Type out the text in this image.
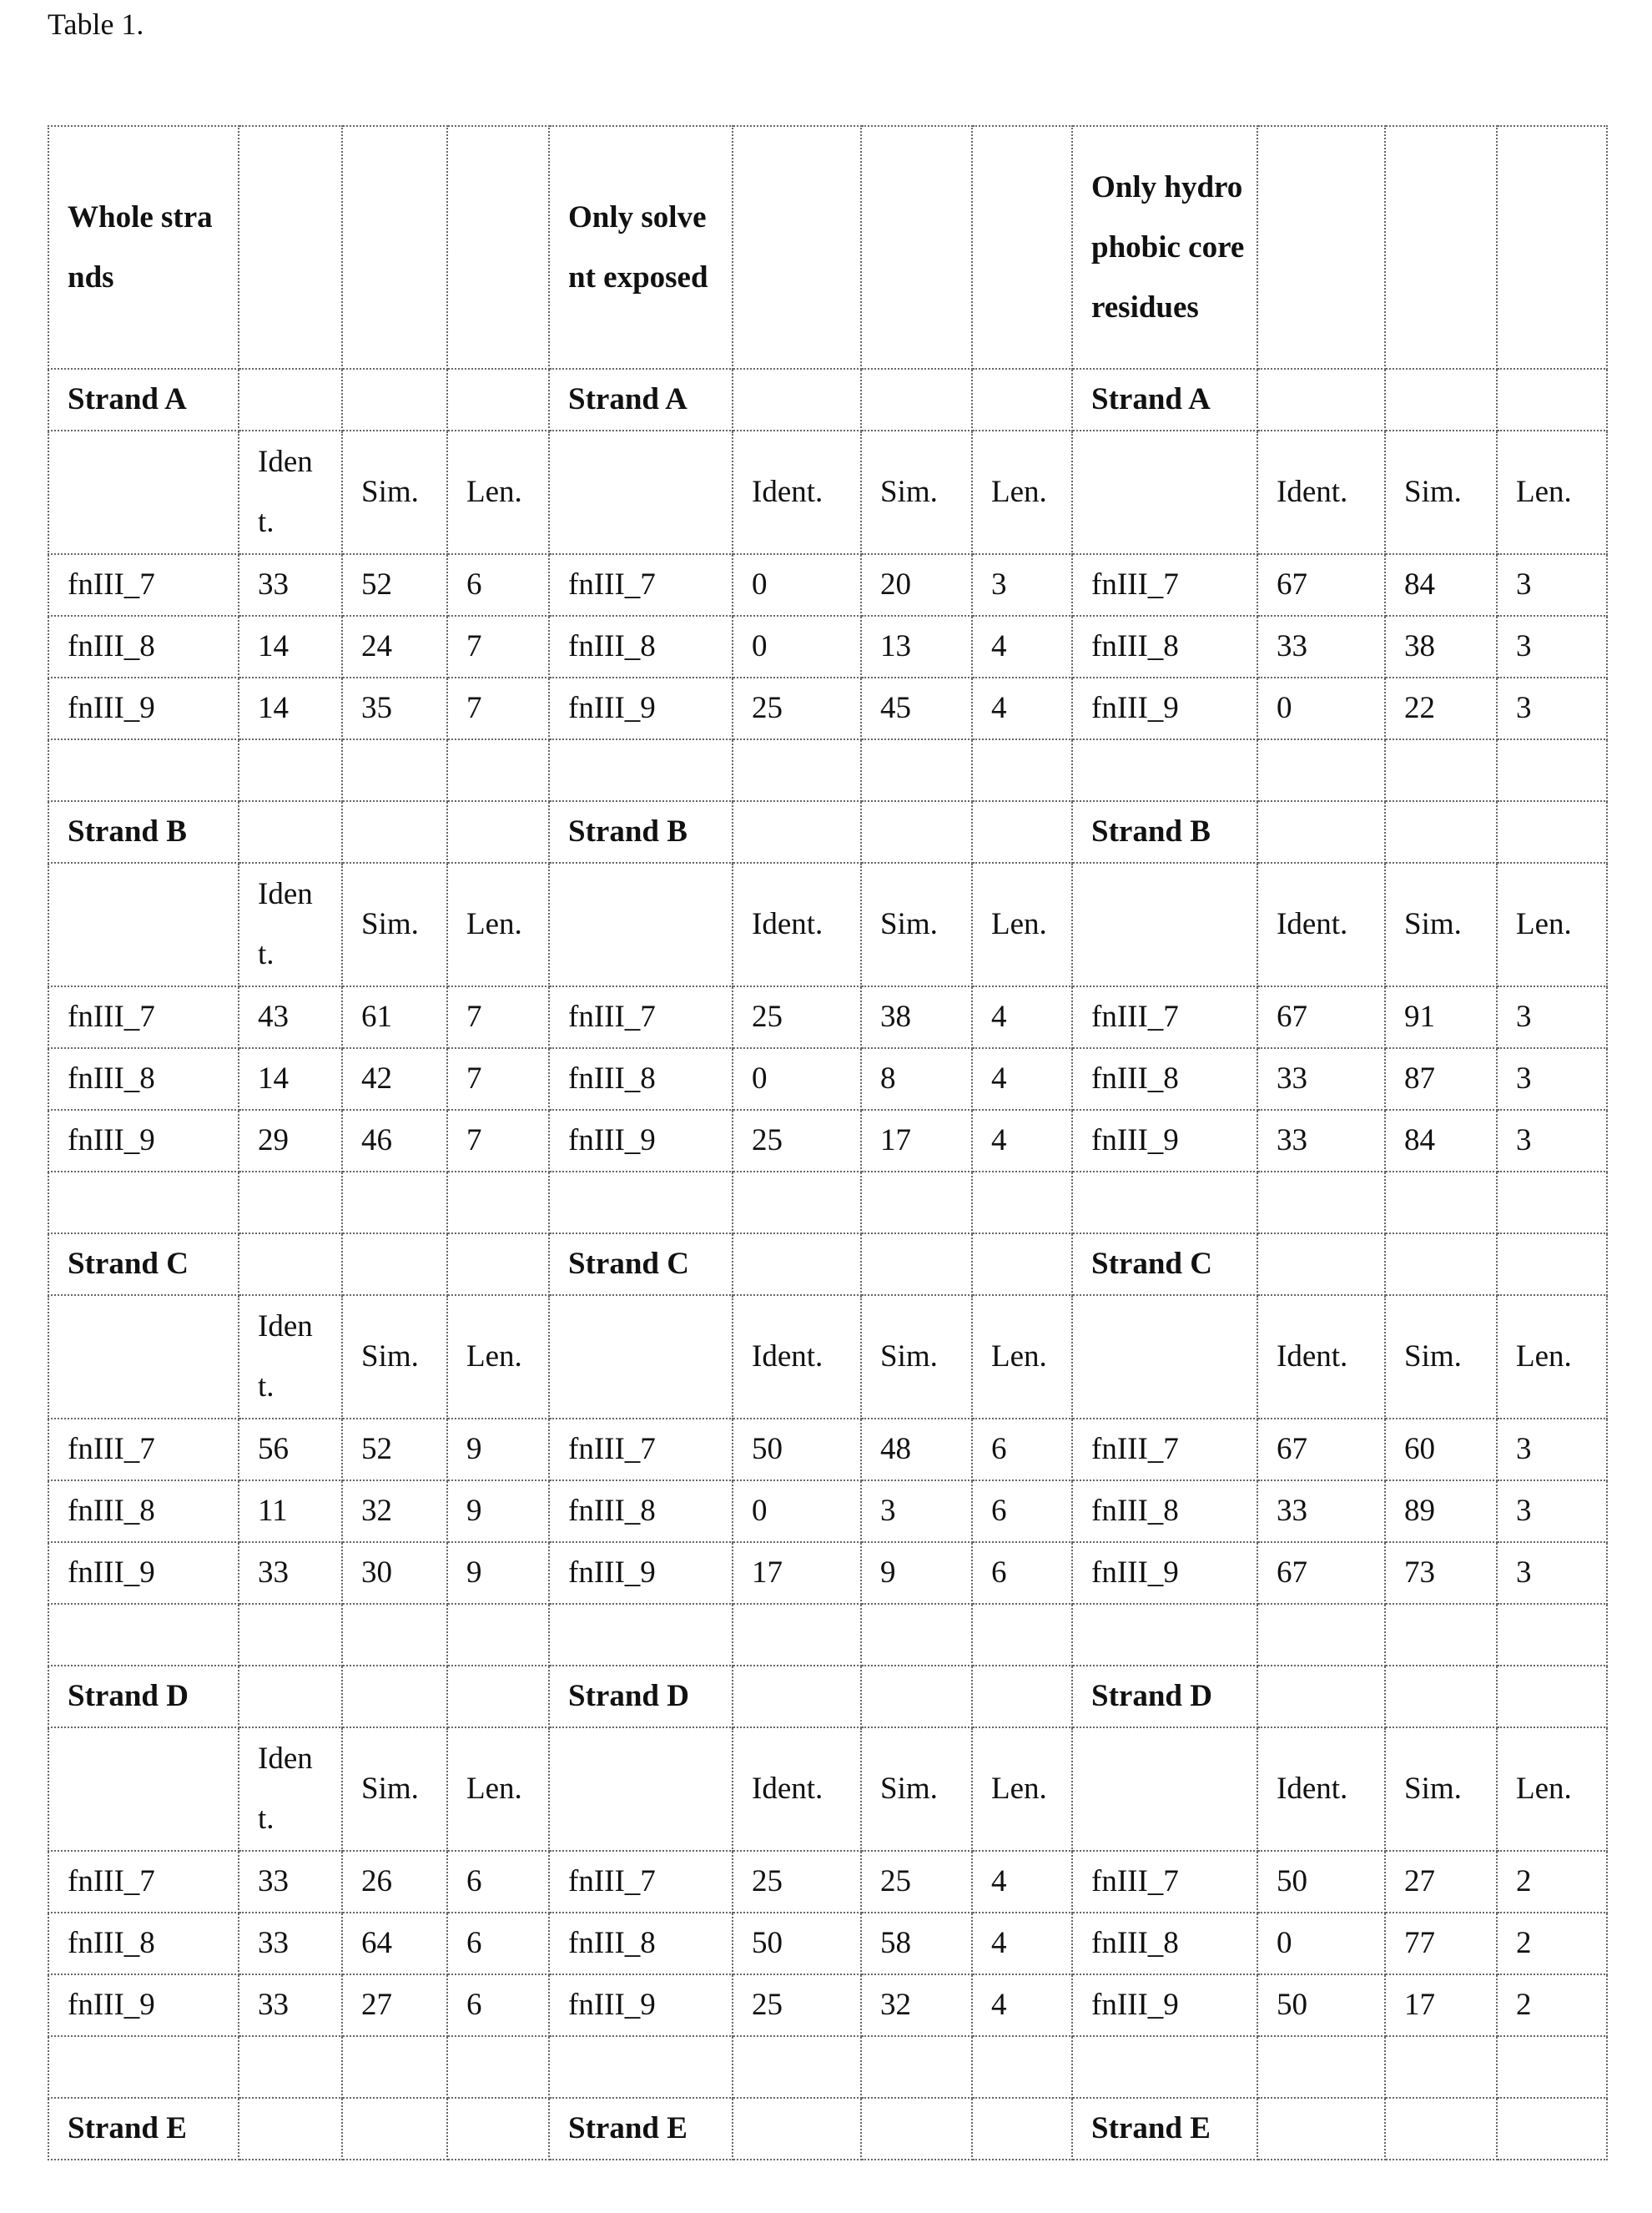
Table 1.
Whole strands				Only solvent exposed				Only hydrophobic core residues			
Strand A				Strand A				Strand A			
	Ident.	Sim.	Len.		Ident.	Sim.	Len.		Ident.	Sim.	Len.
fnIII_7	33	52	6	fnIII_7	0	20	3	fnIII_7	67	84	3
fnIII_8	14	24	7	fnIII_8	0	13	4	fnIII_8	33	38	3
fnIII_9	14	35	7	fnIII_9	25	45	4	fnIII_9	0	22	3

Strand B				Strand B				Strand B			
	Ident.	Sim.	Len.		Ident.	Sim.	Len.		Ident.	Sim.	Len.
fnIII_7	43	61	7	fnIII_7	25	38	4	fnIII_7	67	91	3
fnIII_8	14	42	7	fnIII_8	0	8	4	fnIII_8	33	87	3
fnIII_9	29	46	7	fnIII_9	25	17	4	fnIII_9	33	84	3

Strand C				Strand C				Strand C			
	Ident.	Sim.	Len.		Ident.	Sim.	Len.		Ident.	Sim.	Len.
fnIII_7	56	52	9	fnIII_7	50	48	6	fnIII_7	67	60	3
fnIII_8	11	32	9	fnIII_8	0	3	6	fnIII_8	33	89	3
fnIII_9	33	30	9	fnIII_9	17	9	6	fnIII_9	67	73	3

Strand D				Strand D				Strand D			
	Ident.	Sim.	Len.		Ident.	Sim.	Len.		Ident.	Sim.	Len.
fnIII_7	33	26	6	fnIII_7	25	25	4	fnIII_7	50	27	2
fnIII_8	33	64	6	fnIII_8	50	58	4	fnIII_8	0	77	2
fnIII_9	33	27	6	fnIII_9	25	32	4	fnIII_9	50	17	2

Strand E				Strand E				Strand E			
